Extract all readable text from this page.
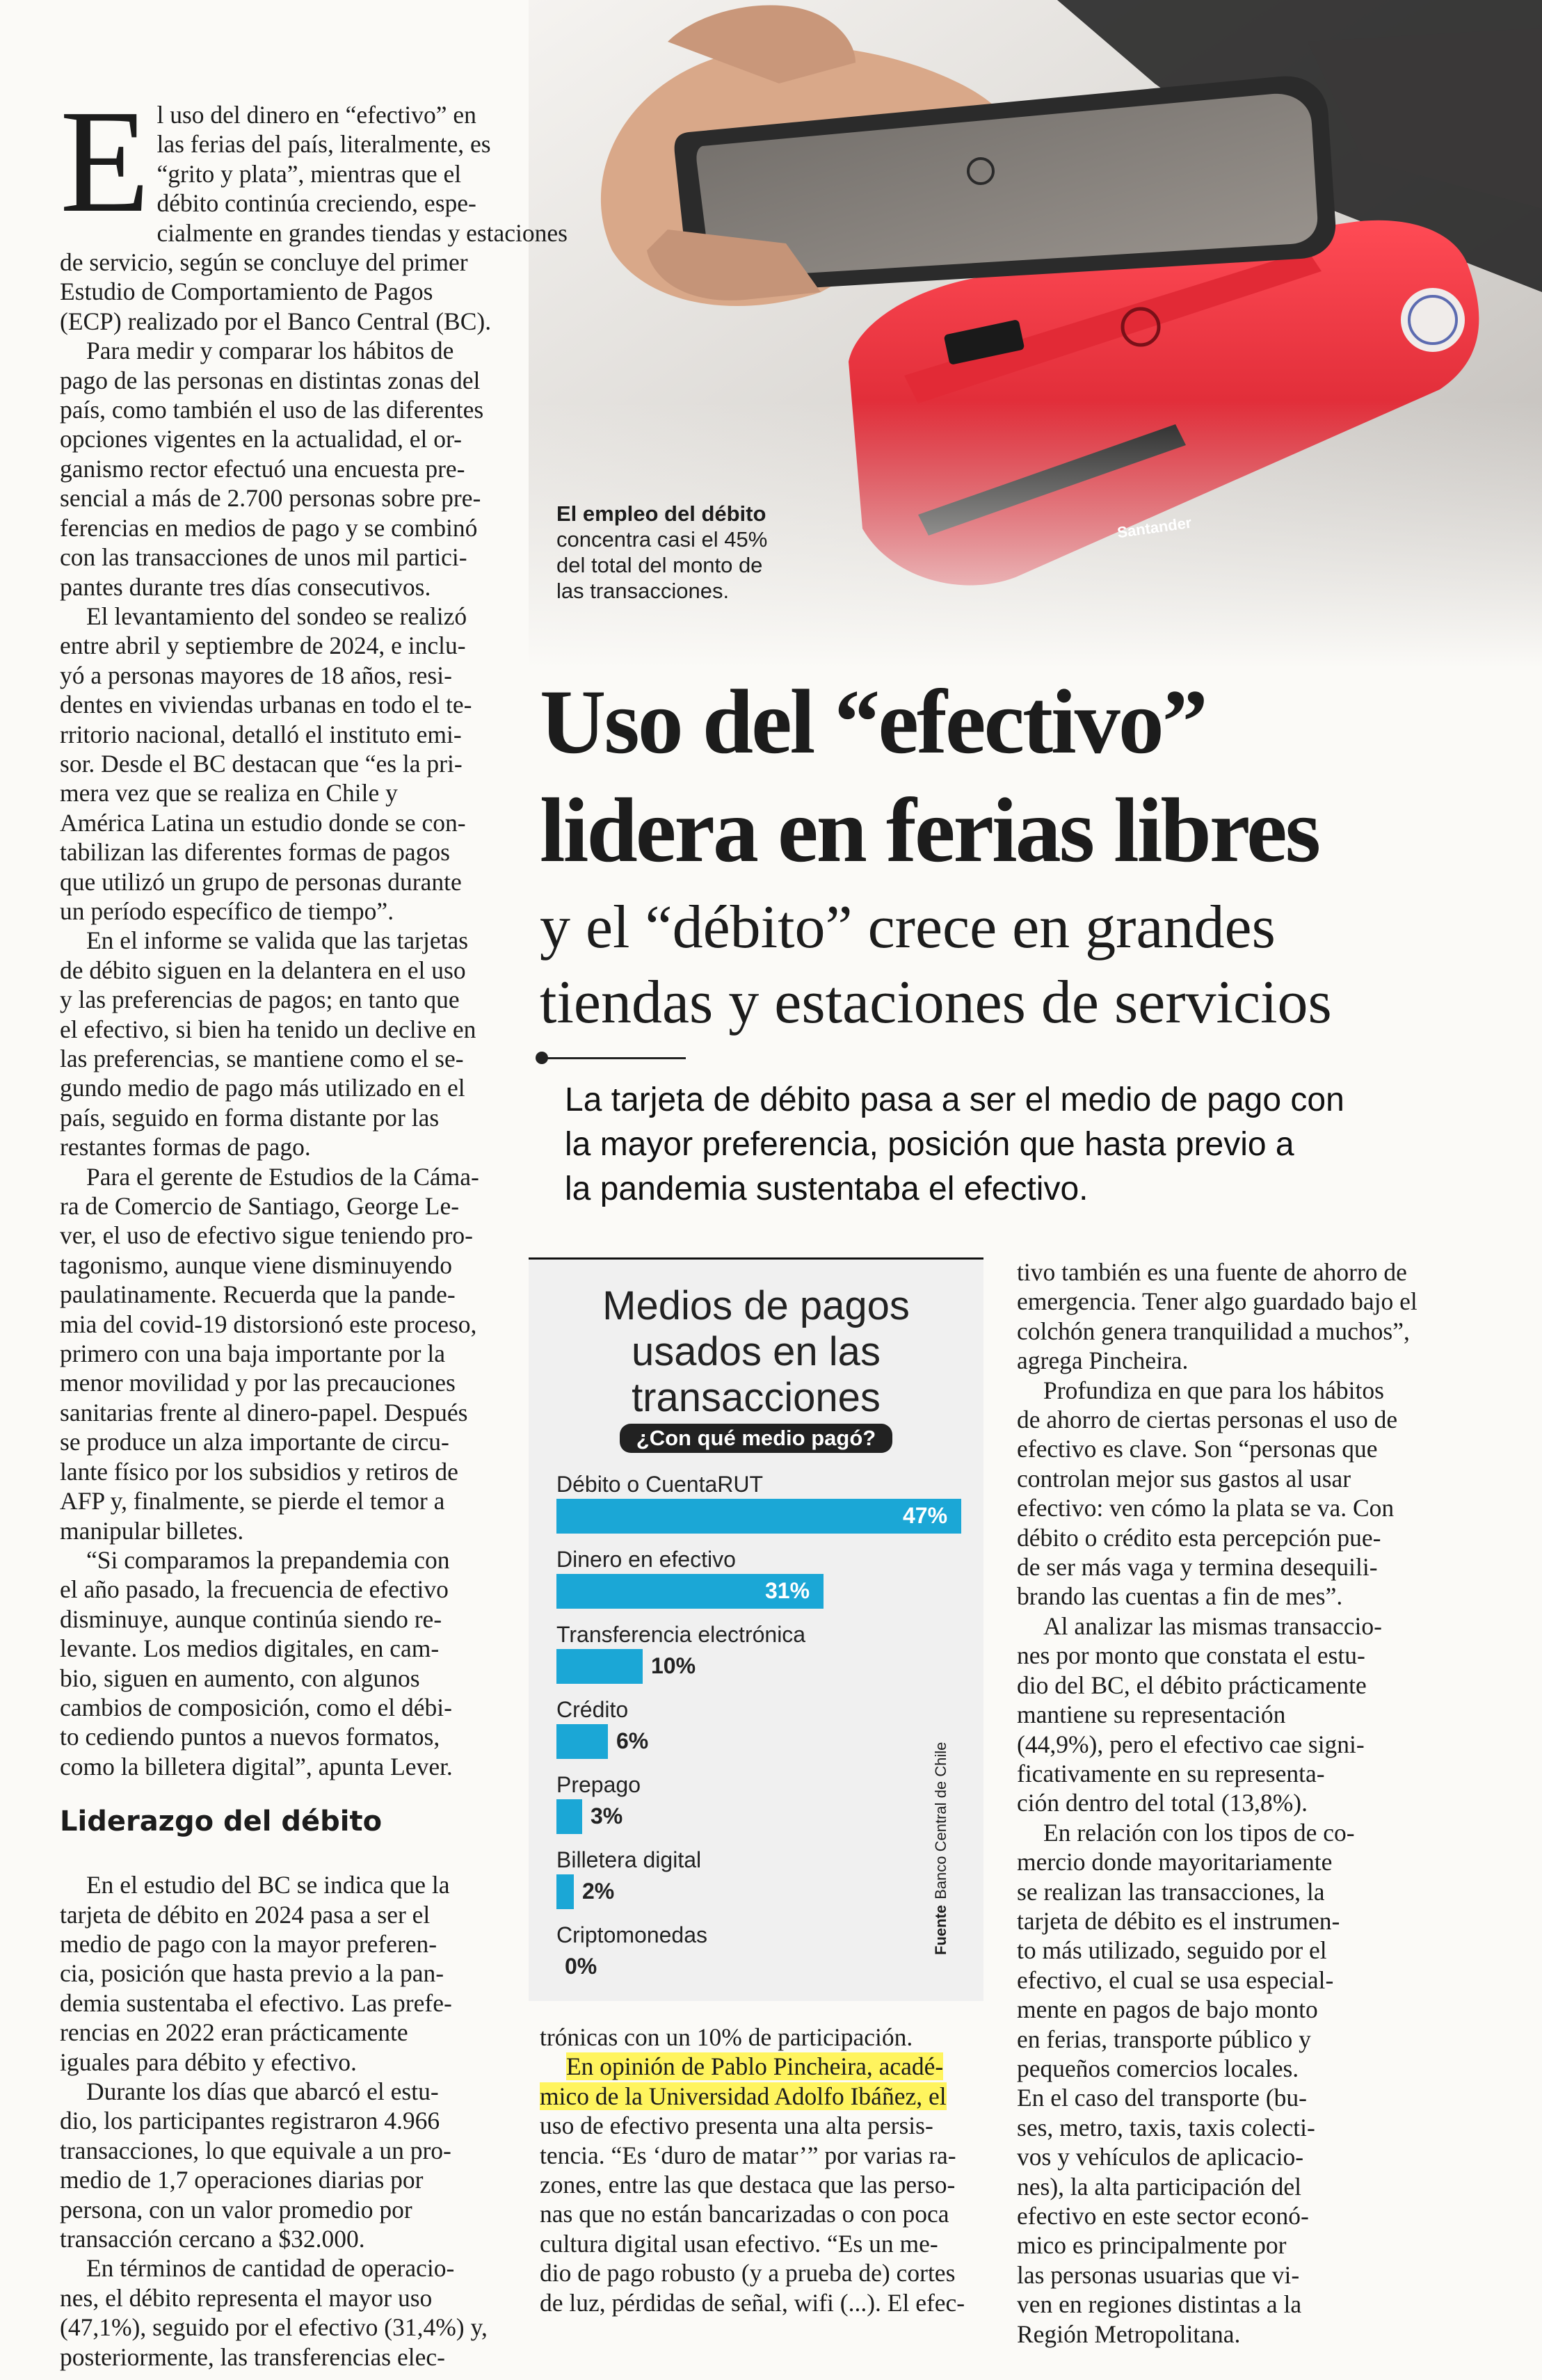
Santander
El empleo del débito
concentra casi el 45%
del total del monto de
las transacciones.
Uso del “efectivo”
lidera en ferias libres
y el “débito” crece en grandes
tiendas y estaciones de servicios
La tarjeta de débito pasa a ser el medio de pago con
la mayor preferencia, posición que hasta previo a
la pandemia sustentaba el efectivo.
E l uso del dinero en “efectivo” en
las ferias del país, literalmente, es
“grito y plata”, mientras que el
débito continúa creciendo, espe-
cialmente en grandes tiendas y estaciones
de servicio, según se concluye del primer
Estudio de Comportamiento de Pagos
(ECP) realizado por el Banco Central (BC).

Para medir y comparar los hábitos de
pago de las personas en distintas zonas del
país, como también el uso de las diferentes
opciones vigentes en la actualidad, el or-
ganismo rector efectuó una encuesta pre-
sencial a más de 2.700 personas sobre pre-
ferencias en medios de pago y se combinó
con las transacciones de unos mil partici-
pantes durante tres días consecutivos.

El levantamiento del sondeo se realizó
entre abril y septiembre de 2024, e inclu-
yó a personas mayores de 18 años, resi-
dentes en viviendas urbanas en todo el te-
rritorio nacional, detalló el instituto emi-
sor. Desde el BC destacan que “es la pri-
mera vez que se realiza en Chile y
América Latina un estudio donde se con-
tabilizan las diferentes formas de pagos
que utilizó un grupo de personas durante
un período específico de tiempo”.

En el informe se valida que las tarjetas
de débito siguen en la delantera en el uso
y las preferencias de pagos; en tanto que
el efectivo, si bien ha tenido un declive en
las preferencias, se mantiene como el se-
gundo medio de pago más utilizado en el
país, seguido en forma distante por las
restantes formas de pago.

Para el gerente de Estudios de la Cáma-
ra de Comercio de Santiago, George Le-
ver, el uso de efectivo sigue teniendo pro-
tagonismo, aunque viene disminuyendo
paulatinamente. Recuerda que la pande-
mia del covid-19 distorsionó este proceso,
primero con una baja importante por la
menor movilidad y por las precauciones
sanitarias frente al dinero-papel. Después
se produce un alza importante de circu-
lante físico por los subsidios y retiros de
AFP y, finalmente, se pierde el temor a
manipular billetes.

“Si comparamos la prepandemia con
el año pasado, la frecuencia de efectivo
disminuye, aunque continúa siendo re-
levante. Los medios digitales, en cam-
bio, siguen en aumento, con algunos
cambios de composición, como el débi-
to cediendo puntos a nuevos formatos,
como la billetera digital”, apunta Lever.

Liderazgo del débito

En el estudio del BC se indica que la
tarjeta de débito en 2024 pasa a ser el
medio de pago con la mayor preferen-
cia, posición que hasta previo a la pan-
demia sustentaba el efectivo. Las prefe-
rencias en 2022 eran prácticamente
iguales para débito y efectivo.

Durante los días que abarcó el estu-
dio, los participantes registraron 4.966
transacciones, lo que equivale a un pro-
medio de 1,7 operaciones diarias por
persona, con un valor promedio por
transacción cercano a $32.000.

En términos de cantidad de operacio-
nes, el débito representa el mayor uso
(47,1%), seguido por el efectivo (31,4%) y,
posteriormente, las transferencias elec-

Medios de pagos
usados en las
transacciones
¿Con qué medio pagó?
Débito o CuentaRUT
47%
Dinero en efectivo
31%
Transferencia electrónica
10%
Crédito
6%
Prepago
3%
Billetera digital
2%
Criptomonedas
0%
FuenteBanco Central de Chile

trónicas con un 10% de participación.

En opinión de Pablo Pincheira, acadé-
mico de la Universidad Adolfo Ibáñez, el
uso de efectivo presenta una alta persis-
tencia. “Es ‘duro de matar’” por varias ra-
zones, entre las que destaca que las perso-
nas que no están bancarizadas o con poca
cultura digital usan efectivo. “Es un me-
dio de pago robusto (y a prueba de) cortes
de luz, pérdidas de señal, wifi (...). El efec-

tivo también es una fuente de ahorro de
emergencia. Tener algo guardado bajo el
colchón genera tranquilidad a muchos”,
agrega Pincheira.

Profundiza en que para los hábitos
de ahorro de ciertas personas el uso de
efectivo es clave. Son “personas que
controlan mejor sus gastos al usar
efectivo: ven cómo la plata se va. Con
débito o crédito esta percepción pue-
de ser más vaga y termina desequili-
brando las cuentas a fin de mes”.

Al analizar las mismas transaccio-
nes por monto que constata el estu-
dio del BC, el débito prácticamente
mantiene su representación
(44,9%), pero el efectivo cae signi-
ficativamente en su representa-
ción dentro del total (13,8%).

En relación con los tipos de co-
mercio donde mayoritariamente
se realizan las transacciones, la
tarjeta de débito es el instrumen-
to más utilizado, seguido por el
efectivo, el cual se usa especial-
mente en pagos de bajo monto
en ferias, transporte público y
pequeños comercios locales.
En el caso del transporte (bu-
ses, metro, taxis, taxis colecti-
vos y vehículos de aplicacio-
nes), la alta participación del
efectivo en este sector econó-
mico es principalmente por
las personas usuarias que vi-
ven en regiones distintas a la
Región Metropolitana.
